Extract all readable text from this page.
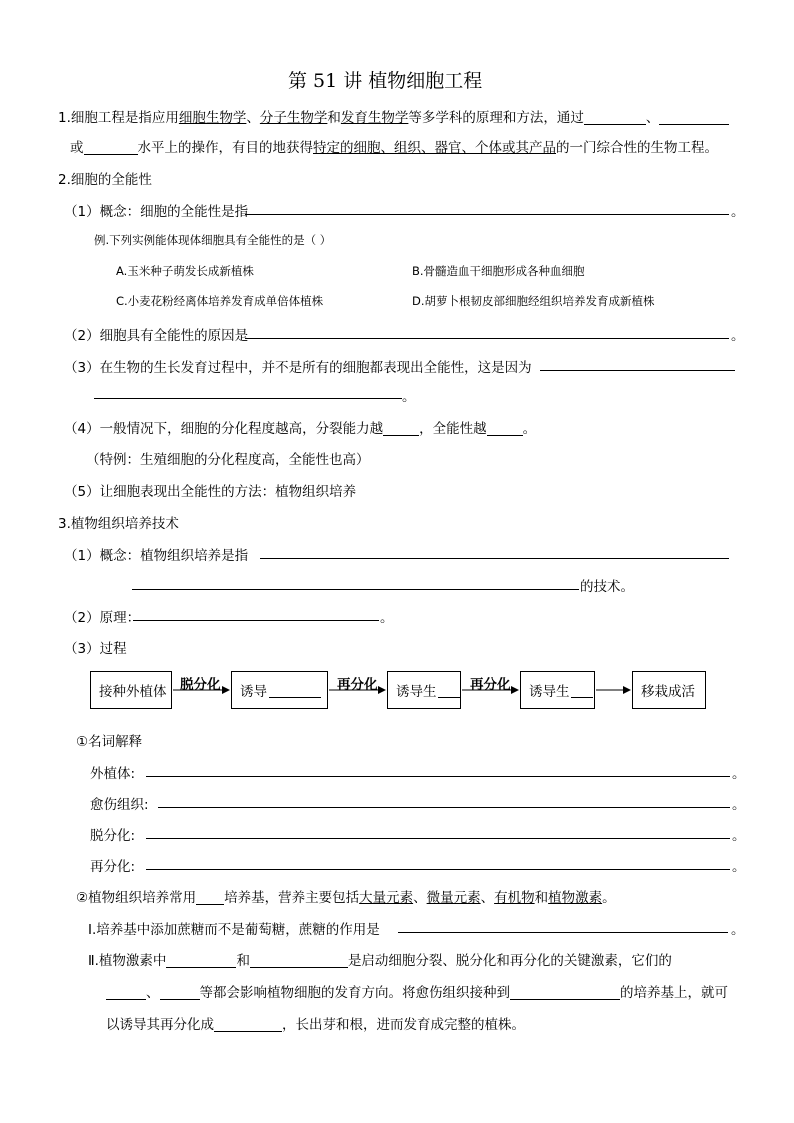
第 51 讲 植物细胞工程
1.细胞工程是指应用细胞生物学、分子生物学和发育生物学等多学科的原理和方法，通过	、
或	水平上的操作，有目的地获得特定的细胞、组织、器官、个体或其产品的一门综合性的生物工程。
2.细胞的全能性
（1）概念：细胞的全能性是指	。
例.下列实例能体现体细胞具有全能性的是（ ）
A.玉米种子萌发长成新植株	B.骨髓造血干细胞形成各种血细胞
C.小麦花粉经离体培养发育成单倍体植株	D.胡萝卜根韧皮部细胞经组织培养发育成新植株
（2）细胞具有全能性的原因是	。
（3）在生物的生长发育过程中，并不是所有的细胞都表现出全能性，这是因为
。
（4）一般情况下，细胞的分化程度越高，分裂能力越	，全能性越	。
（特例：生殖细胞的分化程度高，全能性也高）
（5）让细胞表现出全能性的方法：植物组织培养
3.植物组织培养技术
（1）概念：植物组织培养是指
的技术。
（2）原理：	。
（3）过程
接种外植体	诱导	诱导生	诱导生	移栽成活
脱分化	再分化	再分化
①名词解释
外植体:	。
愈伤组织:	。
脱分化:	。
再分化:	。
②植物组织培养常用 培养基，营养主要包括大量元素、微量元素、有机物和植物激素。
Ⅰ.培养基中添加蔗糖而不是葡萄糖，蔗糖的作用是	。
Ⅱ.植物激素中	和	是启动细胞分裂、脱分化和再分化的关键激素，它们的
、	等都会影响植物细胞的发育方向。将愈伤组织接种到	的培养基上，就可
以诱导其再分化成	，长出芽和根，进而发育成完整的植株。
